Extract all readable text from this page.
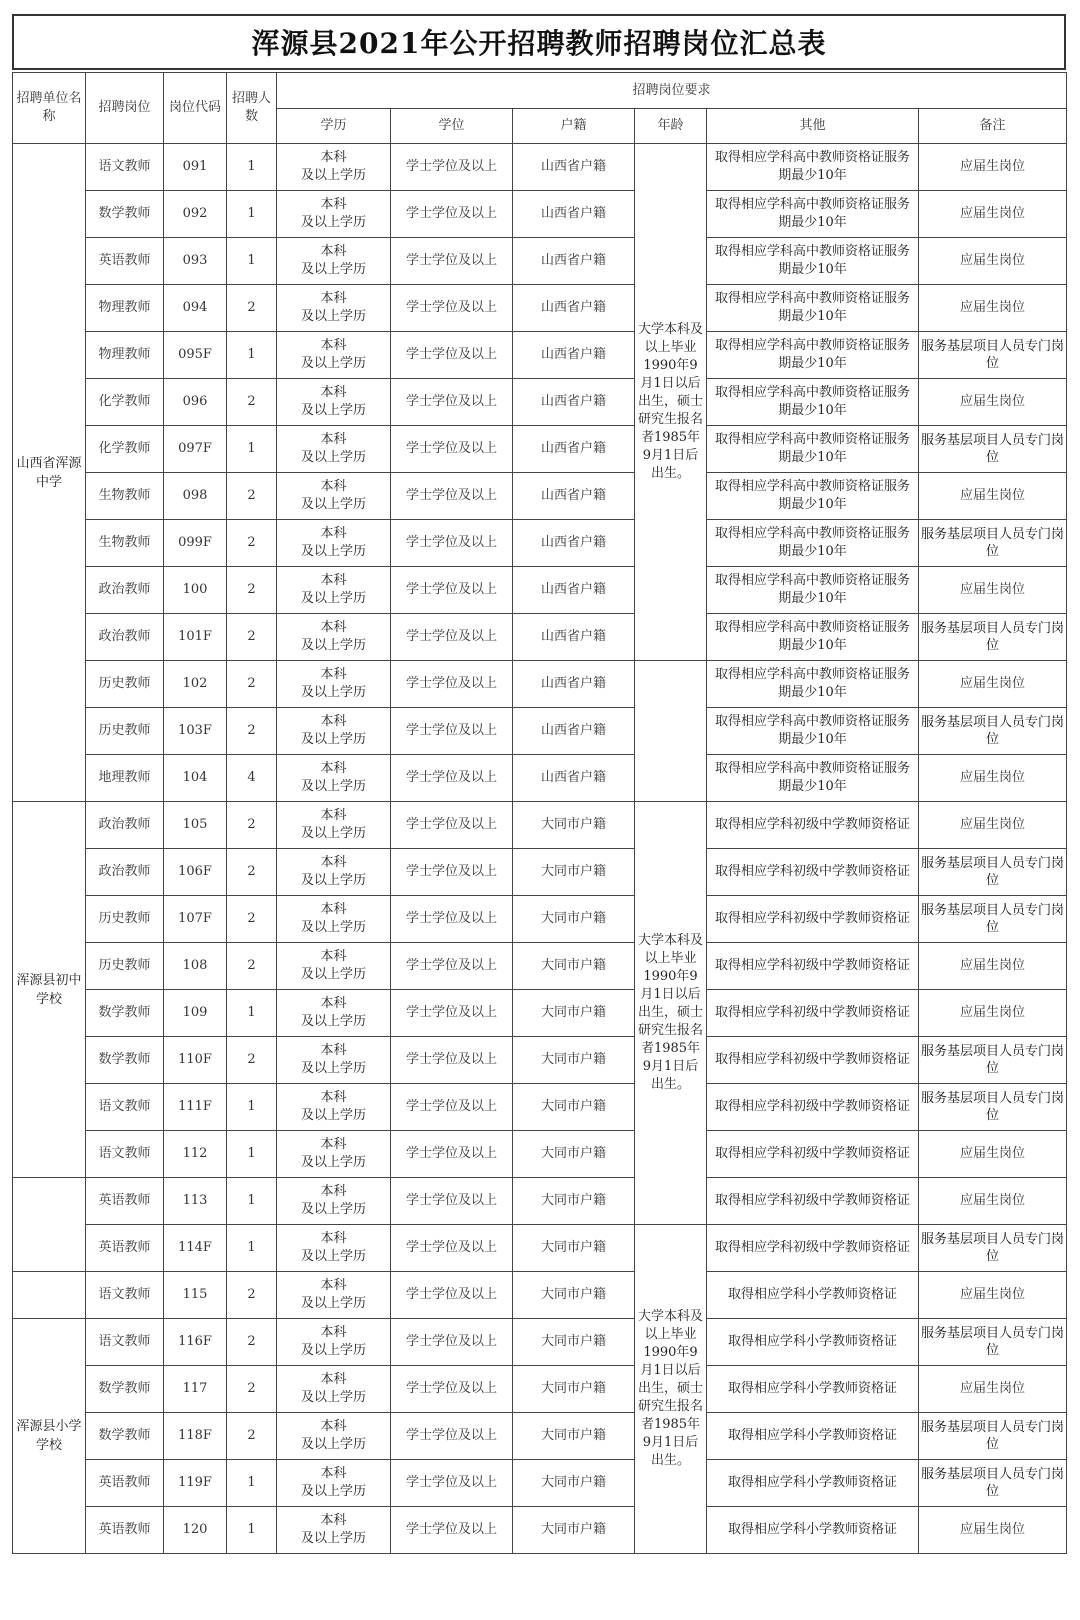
浑源县2021年公开招聘教师招聘岗位汇总表
招聘单位名称	招聘岗位	岗位代码	招聘人数	招聘岗位要求					
				学历	学位	户籍	年龄	其他	备注
山西省浑源中学	语文教师	091	1	本科
及以上学历	学士学位及以上	山西省户籍	大学本科及以上毕业1990年9月1日以后出生，硕士研究生报名者1985年9月1日后出生。	取得相应学科高中教师资格证服务期最少10年	应届生岗位
	数学教师	092	1	本科
及以上学历	学士学位及以上	山西省户籍		取得相应学科高中教师资格证服务期最少10年	应届生岗位
	英语教师	093	1	本科
及以上学历	学士学位及以上	山西省户籍		取得相应学科高中教师资格证服务期最少10年	应届生岗位
	物理教师	094	2	本科
及以上学历	学士学位及以上	山西省户籍		取得相应学科高中教师资格证服务期最少10年	应届生岗位
	物理教师	095F	1	本科
及以上学历	学士学位及以上	山西省户籍		取得相应学科高中教师资格证服务期最少10年	服务基层项目人员专门岗位
	化学教师	096	2	本科
及以上学历	学士学位及以上	山西省户籍		取得相应学科高中教师资格证服务期最少10年	应届生岗位
	化学教师	097F	1	本科
及以上学历	学士学位及以上	山西省户籍		取得相应学科高中教师资格证服务期最少10年	服务基层项目人员专门岗位
	生物教师	098	2	本科
及以上学历	学士学位及以上	山西省户籍		取得相应学科高中教师资格证服务期最少10年	应届生岗位
	生物教师	099F	2	本科
及以上学历	学士学位及以上	山西省户籍		取得相应学科高中教师资格证服务期最少10年	服务基层项目人员专门岗位
	政治教师	100	2	本科
及以上学历	学士学位及以上	山西省户籍		取得相应学科高中教师资格证服务期最少10年	应届生岗位
	政治教师	101F	2	本科
及以上学历	学士学位及以上	山西省户籍		取得相应学科高中教师资格证服务期最少10年	服务基层项目人员专门岗位
	历史教师	102	2	本科
及以上学历	学士学位及以上	山西省户籍		取得相应学科高中教师资格证服务期最少10年	应届生岗位
	历史教师	103F	2	本科
及以上学历	学士学位及以上	山西省户籍		取得相应学科高中教师资格证服务期最少10年	服务基层项目人员专门岗位
	地理教师	104	4	本科
及以上学历	学士学位及以上	山西省户籍		取得相应学科高中教师资格证服务期最少10年	应届生岗位
浑源县初中学校	政治教师	105	2	本科
及以上学历	学士学位及以上	大同市户籍	大学本科及以上毕业1990年9月1日以后出生，硕士研究生报名者1985年9月1日后出生。	取得相应学科初级中学教师资格证	应届生岗位
	政治教师	106F	2	本科
及以上学历	学士学位及以上	大同市户籍		取得相应学科初级中学教师资格证	服务基层项目人员专门岗位
	历史教师	107F	2	本科
及以上学历	学士学位及以上	大同市户籍		取得相应学科初级中学教师资格证	服务基层项目人员专门岗位
	历史教师	108	2	本科
及以上学历	学士学位及以上	大同市户籍		取得相应学科初级中学教师资格证	应届生岗位
	数学教师	109	1	本科
及以上学历	学士学位及以上	大同市户籍		取得相应学科初级中学教师资格证	应届生岗位
	数学教师	110F	2	本科
及以上学历	学士学位及以上	大同市户籍		取得相应学科初级中学教师资格证	服务基层项目人员专门岗位
	语文教师	111F	1	本科
及以上学历	学士学位及以上	大同市户籍		取得相应学科初级中学教师资格证	服务基层项目人员专门岗位
	语文教师	112	1	本科
及以上学历	学士学位及以上	大同市户籍		取得相应学科初级中学教师资格证	应届生岗位
	英语教师	113	1	本科
及以上学历	学士学位及以上	大同市户籍		取得相应学科初级中学教师资格证	应届生岗位
	英语教师	114F	1	本科
及以上学历	学士学位及以上	大同市户籍	大学本科及以上毕业1990年9月1日以后出生，硕士研究生报名者1985年9月1日后出生。	取得相应学科初级中学教师资格证	服务基层项目人员专门岗位
	语文教师	115	2	本科
及以上学历	学士学位及以上	大同市户籍		取得相应学科小学教师资格证	应届生岗位
浑源县小学学校	语文教师	116F	2	本科
及以上学历	学士学位及以上	大同市户籍		取得相应学科小学教师资格证	服务基层项目人员专门岗位
	数学教师	117	2	本科
及以上学历	学士学位及以上	大同市户籍		取得相应学科小学教师资格证	应届生岗位
	数学教师	118F	2	本科
及以上学历	学士学位及以上	大同市户籍		取得相应学科小学教师资格证	服务基层项目人员专门岗位
	英语教师	119F	1	本科
及以上学历	学士学位及以上	大同市户籍		取得相应学科小学教师资格证	服务基层项目人员专门岗位
	英语教师	120	1	本科
及以上学历	学士学位及以上	大同市户籍		取得相应学科小学教师资格证	应届生岗位
